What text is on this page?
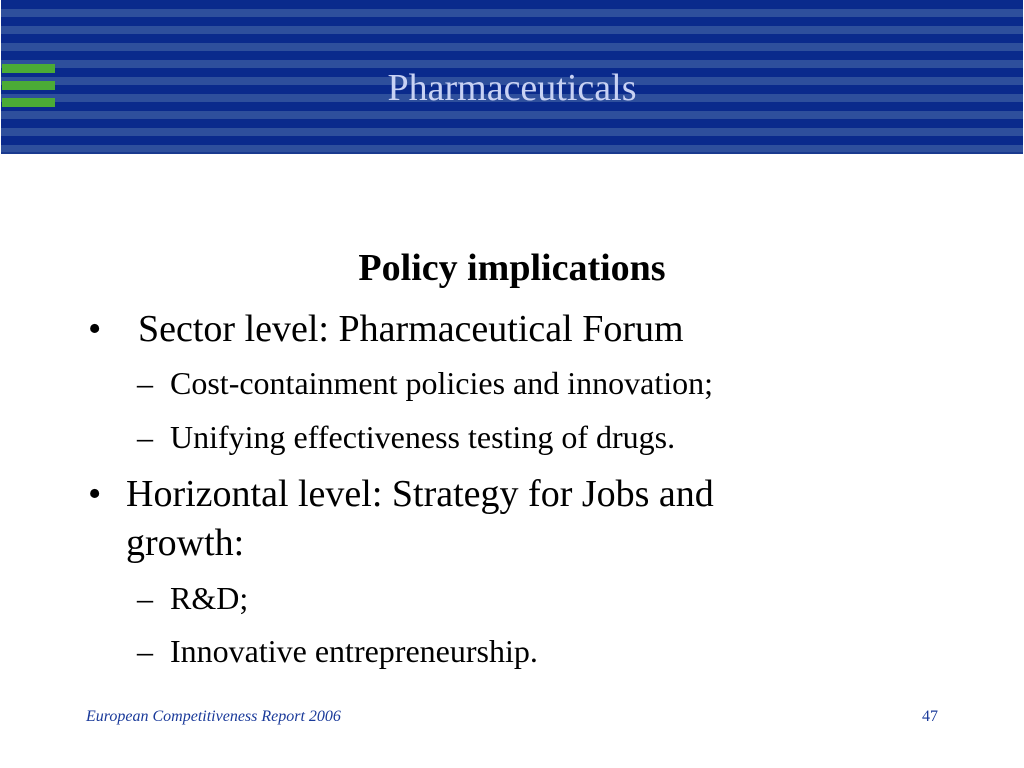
Pharmaceuticals
Policy implications
• Sector level: Pharmaceutical Forum
– Cost-containment policies and innovation;
– Unifying effectiveness testing of drugs.
• Horizontal level: Strategy for Jobs and
growth:
– R&D;
– Innovative entrepreneurship.
European Competitiveness Report 2006	47
